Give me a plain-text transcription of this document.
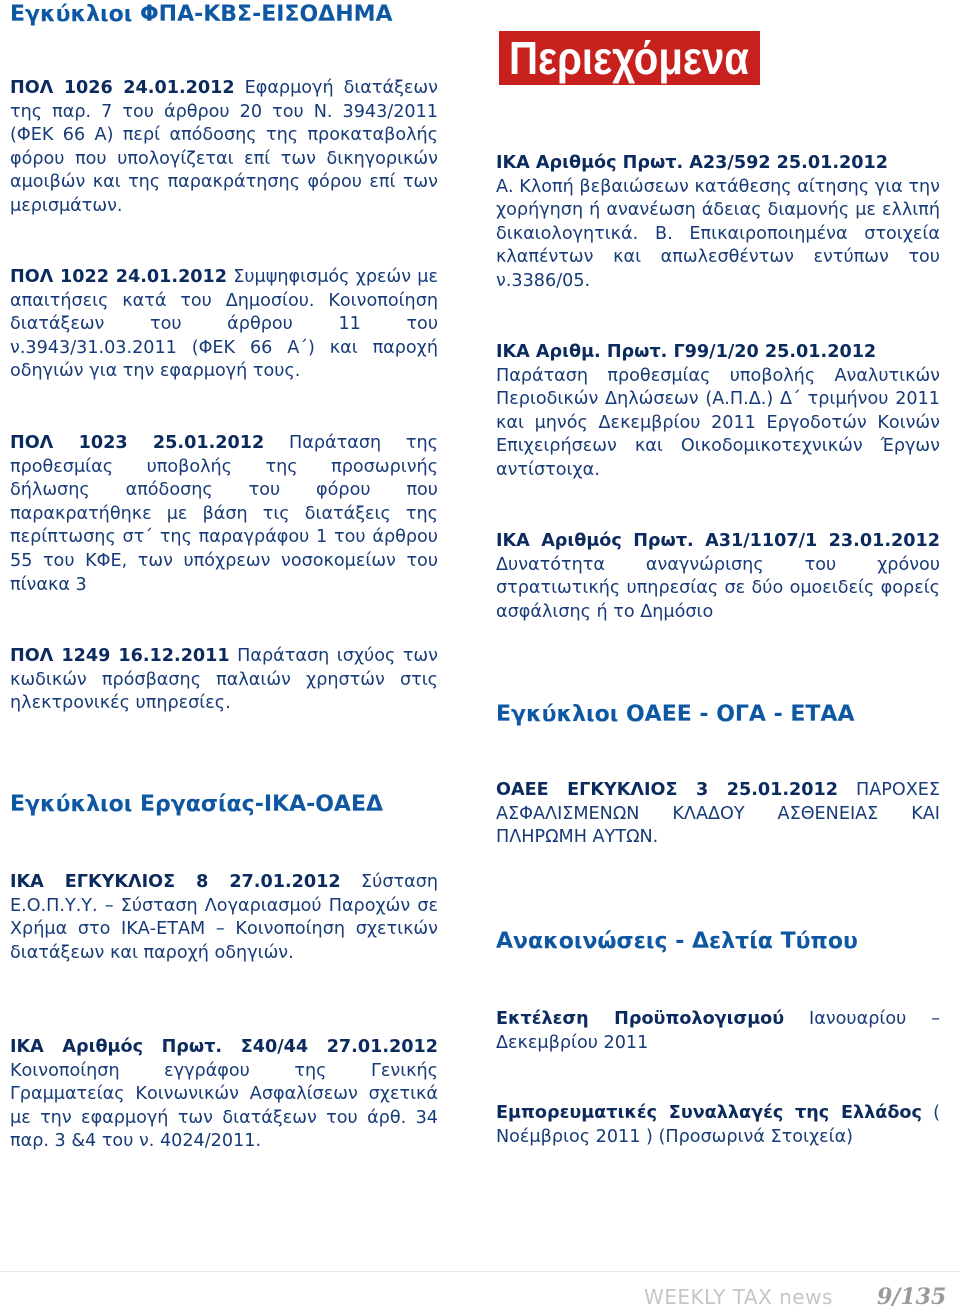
Εγκύκλιοι ΦΠΑ-ΚΒΣ-ΕΙΣΟΔΗΜΑ
Περιεχόμενα

ΠΟΛ 1026 24.01.2012 Εφαρμογή διατάξεων της παρ. 7 του άρθρου 20 του Ν. 3943/2011 (ΦΕΚ 66 Α) περί απόδοσης της προκαταβολής φόρου που υπολογίζεται επί των δικηγορικών αμοιβών και της παρακράτησης φόρου επί των μερισμάτων.

ΠΟΛ 1022 24.01.2012 Συμψηφισμός χρεών με απαιτήσεις κατά του Δημοσίου. Κοινοποίηση διατάξεων του άρθρου 11 του ν.3943/31.03.2011 (ΦΕΚ 66 Α΄) και παροχή οδηγιών για την εφαρμογή τους.

ΠΟΛ 1023 25.01.2012 Παράταση της προθεσμίας υποβολής της προσωρινής δήλωσης απόδοσης του φόρου που παρακρατήθηκε με βάση τις διατάξεις της περίπτωσης στ΄ της παραγράφου 1 του άρθρου 55 του ΚΦΕ, των υπόχρεων νοσοκομείων του πίνακα 3

ΠΟΛ 1249 16.12.2011 Παράταση ισχύος των κωδικών πρόσβασης παλαιών χρηστών στις ηλεκτρονικές υπηρεσίες.

Εγκύκλιοι Εργασίας-ΙΚΑ-ΟΑΕΔ

ΙΚΑ ΕΓΚΥΚΛΙΟΣ 8 27.01.2012 Σύσταση Ε.Ο.Π.Υ.Υ. – Σύσταση Λογαριασμού Παροχών σε Χρήμα στο ΙΚΑ-ΕΤΑΜ – Κοινοποίηση σχετικών διατάξεων και παροχή οδηγιών.

ΙΚΑ Αριθμός Πρωτ. Σ40/44 27.01.2012 Κοινοποίηση εγγράφου της Γενικής Γραμματείας Κοινωνικών Ασφαλίσεων σχετικά με την εφαρμογή των διατάξεων του άρθ. 34 παρ. 3 &4 του ν. 4024/2011.

ΙΚΑ Αριθμός Πρωτ. Α23/592 25.01.2012

Α. Κλοπή βεβαιώσεων κατάθεσης αίτησης για την χορήγηση ή ανανέωση άδειας διαμονής με ελλιπή δικαιολογητικά. Β. Επικαιροποιημένα στοιχεία κλαπέντων και απωλεσθέντων εντύπων του ν.3386/05.

ΙΚΑ Αριθμ. Πρωτ. Γ99/1/20 25.01.2012

Παράταση προθεσμίας υποβολής Αναλυτικών Περιοδικών Δηλώσεων (Α.Π.Δ.) Δ΄ τριμήνου 2011 και μηνός Δεκεμβρίου 2011 Εργοδοτών Κοινών Επιχειρήσεων και Οικοδομικοτεχνικών Έργων αντίστοιχα.

ΙΚΑ Αριθμός Πρωτ. Α31/1107/1 23.01.2012 Δυνατότητα αναγνώρισης του χρόνου στρατιωτικής υπηρεσίας σε δύο ομοειδείς φορείς ασφάλισης ή το Δημόσιο

Εγκύκλιοι ΟΑΕΕ - ΟΓΑ - ΕΤΑΑ

ΟΑΕΕ ΕΓΚΥΚΛΙΟΣ 3 25.01.2012 ΠΑΡΟΧΕΣ ΑΣΦΑΛΙΣΜΕΝΩΝ ΚΛΑΔΟΥ ΑΣΘΕΝΕΙΑΣ ΚΑΙ ΠΛΗΡΩΜΗ ΑΥΤΩΝ.

Ανακοινώσεις - Δελτία Τύπου

Εκτέλεση Προϋπολογισμού Ιανουαρίου – Δεκεμβρίου 2011

Εμπορευματικές Συναλλαγές της Ελλάδος ( Νοέμβριος 2011 ) (Προσωρινά Στοιχεία)

WEEKLY TAX news 9/135
